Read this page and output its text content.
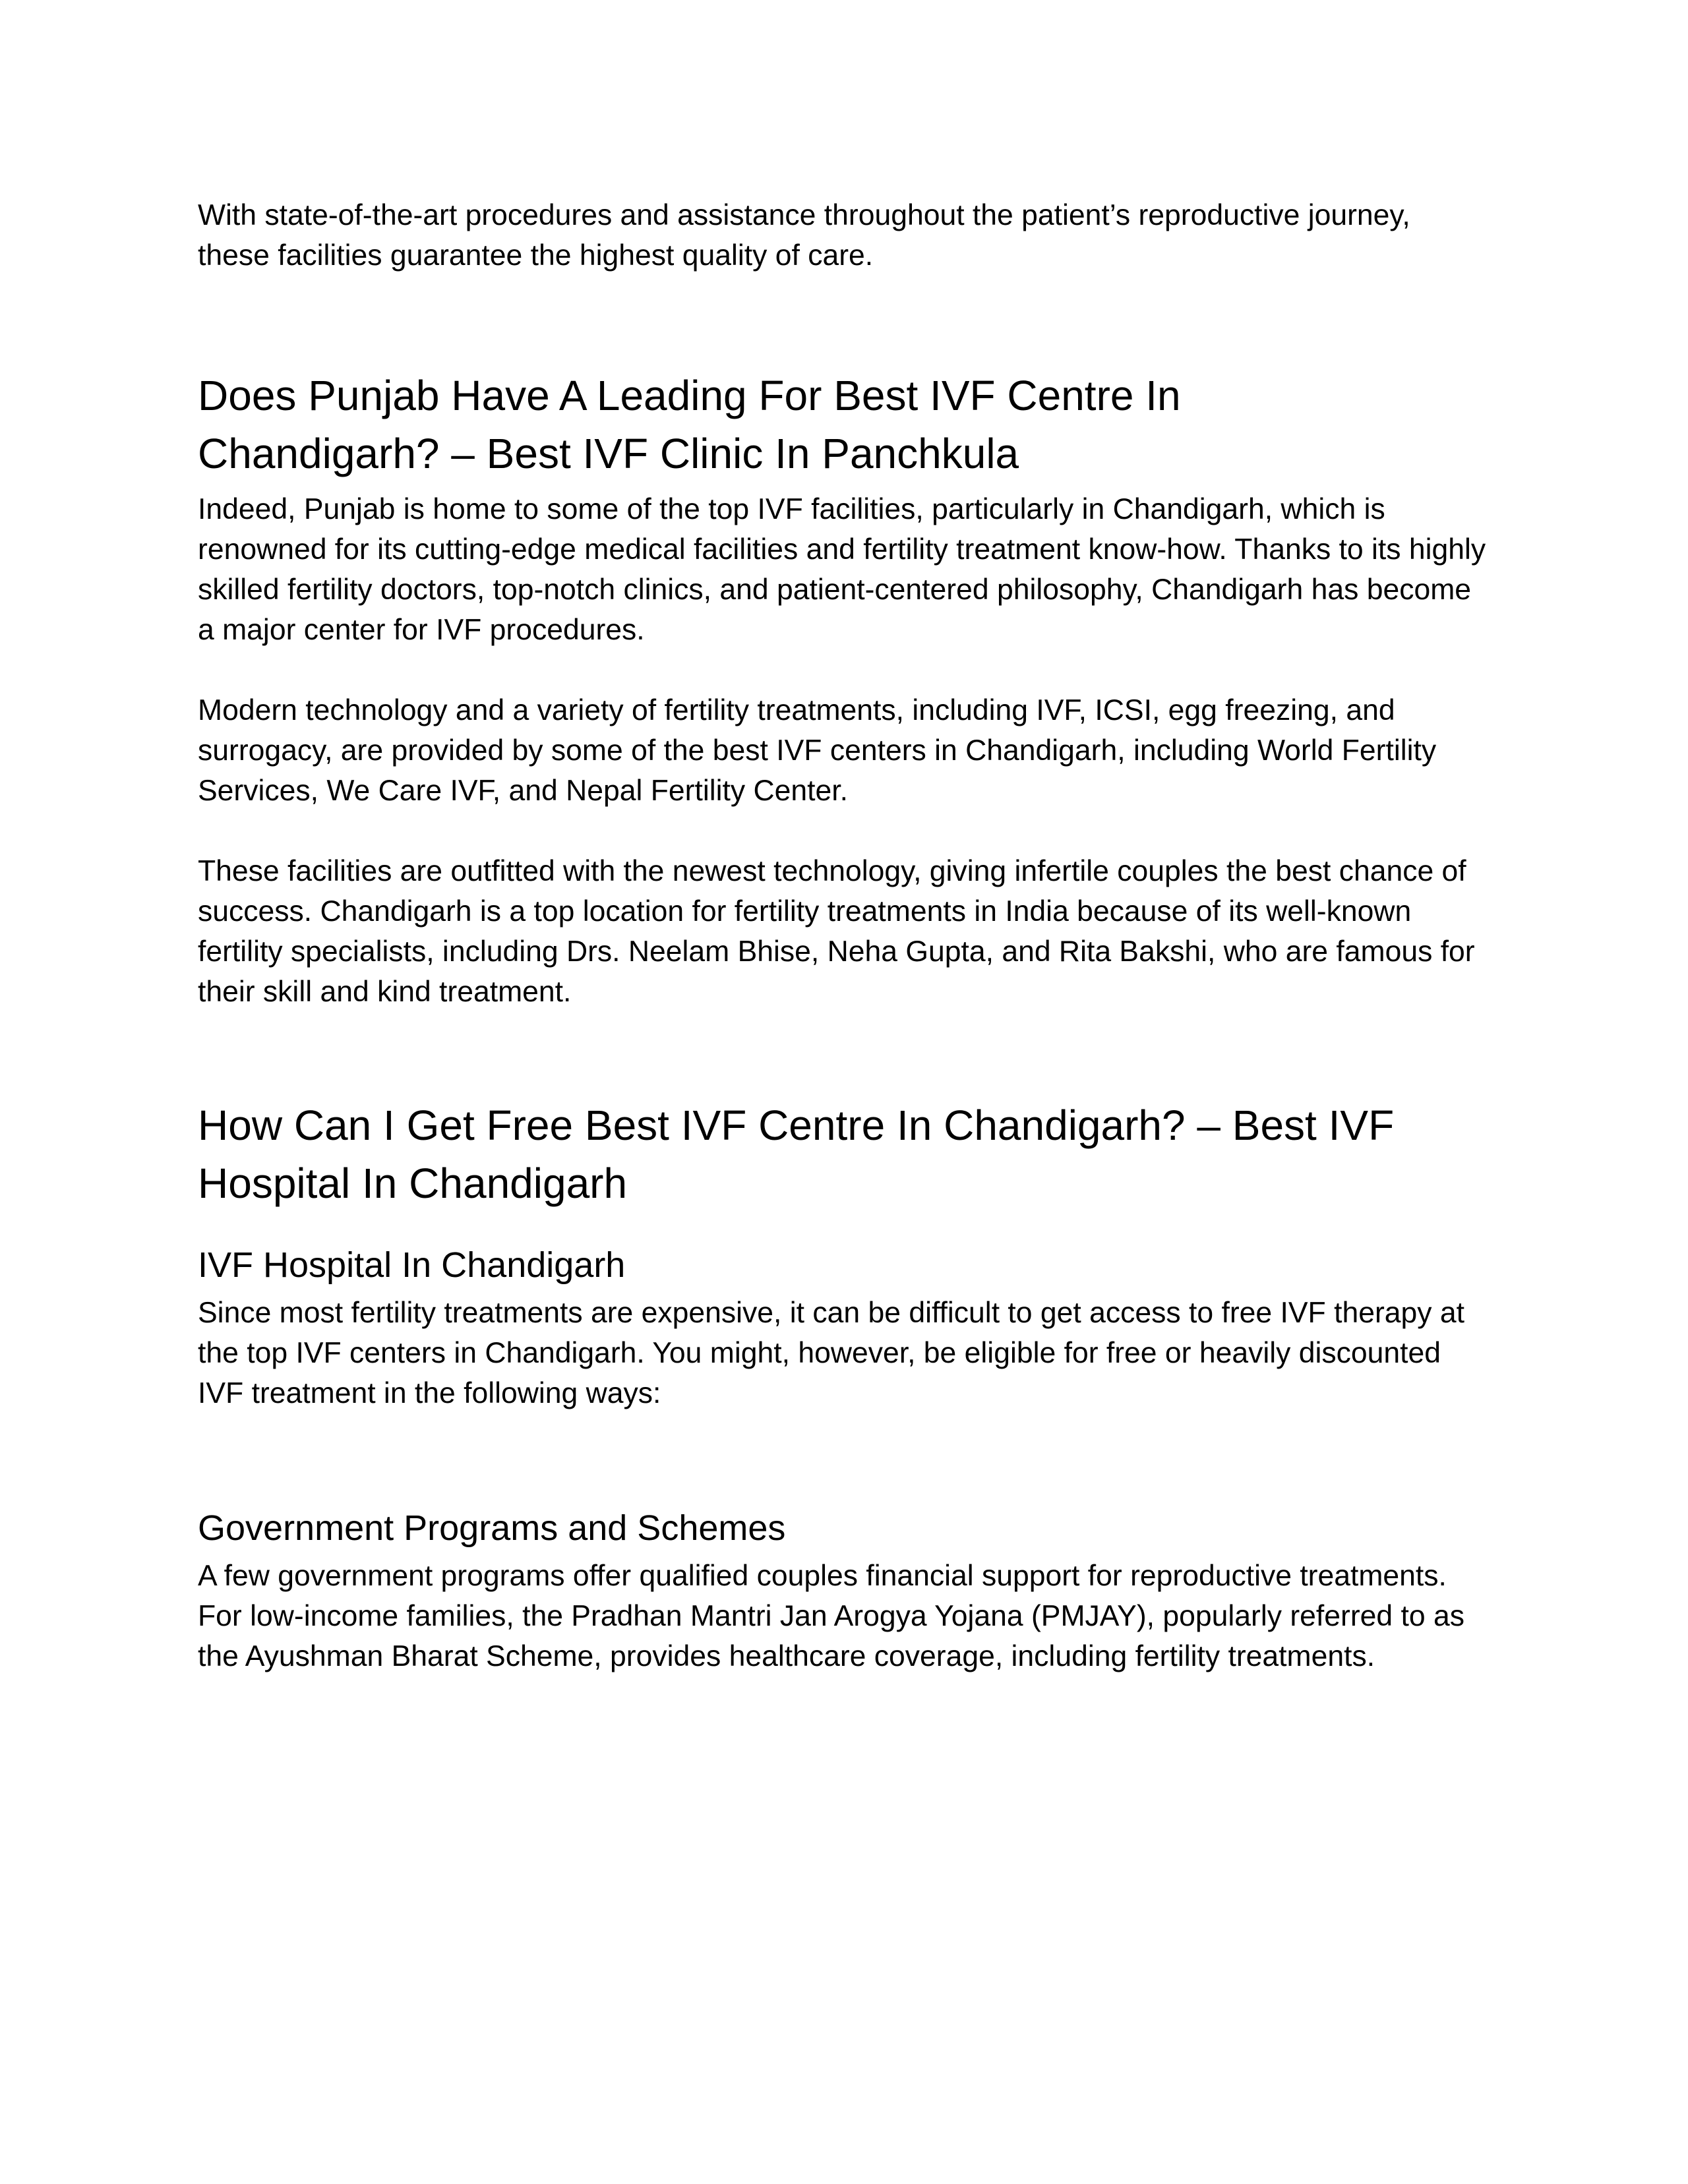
With state-of-the-art procedures and assistance throughout the patient’s reproductive journey, these facilities guarantee the highest quality of care.

Does Punjab Have A Leading For Best IVF Centre In Chandigarh? – Best IVF Clinic In Panchkula

Indeed, Punjab is home to some of the top IVF facilities, particularly in Chandigarh, which is renowned for its cutting-edge medical facilities and fertility treatment know-how. Thanks to its highly skilled fertility doctors, top-notch clinics, and patient-centered philosophy, Chandigarh has become a major center for IVF procedures.

Modern technology and a variety of fertility treatments, including IVF, ICSI, egg freezing, and surrogacy, are provided by some of the best IVF centers in Chandigarh, including World Fertility Services, We Care IVF, and Nepal Fertility Center.

These facilities are outfitted with the newest technology, giving infertile couples the best chance of success. Chandigarh is a top location for fertility treatments in India because of its well-known fertility specialists, including Drs. Neelam Bhise, Neha Gupta, and Rita Bakshi, who are famous for their skill and kind treatment.

How Can I Get Free Best IVF Centre In Chandigarh? – Best IVF Hospital In Chandigarh
IVF Hospital In Chandigarh

Since most fertility treatments are expensive, it can be difficult to get access to free IVF therapy at the top IVF centers in Chandigarh. You might, however, be eligible for free or heavily discounted IVF treatment in the following ways:

Government Programs and Schemes

A few government programs offer qualified couples financial support for reproductive treatments. For low-income families, the Pradhan Mantri Jan Arogya Yojana (PMJAY), popularly referred to as the Ayushman Bharat Scheme, provides healthcare coverage, including fertility treatments.
